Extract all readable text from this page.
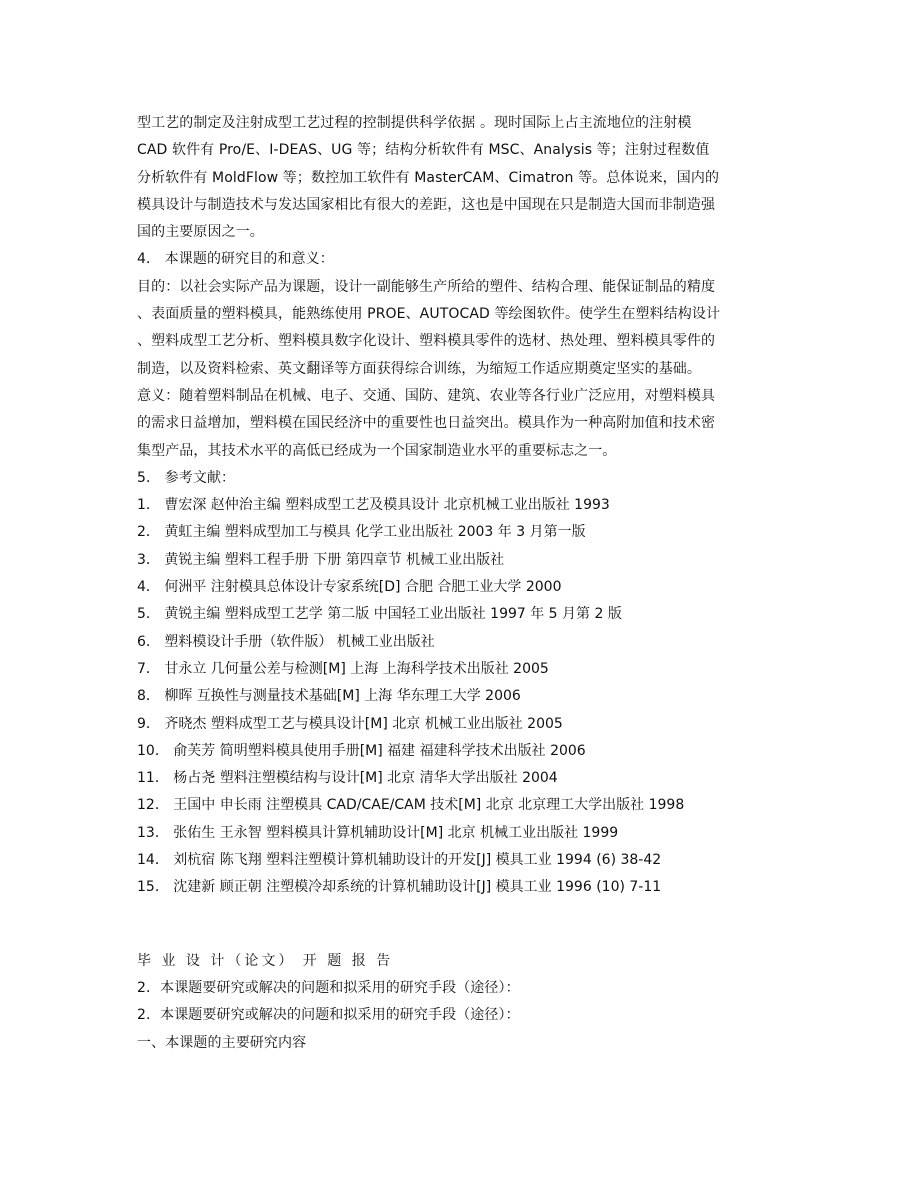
型工艺的制定及注射成型工艺过程的控制提供科学依据 。现时国际上占主流地位的注射模
CAD 软件有 Pro/E、I-DEAS、UG 等；结构分析软件有 MSC、Analysis 等；注射过程数值
分析软件有 MoldFlow 等；数控加工软件有 MasterCAM、Cimatron 等。总体说来，国内的
模具设计与制造技术与发达国家相比有很大的差距，这也是中国现在只是制造大国而非制造强
国的主要原因之一。
4． 本课题的研究目的和意义：
目的：以社会实际产品为课题，设计一副能够生产所给的塑件、结构合理、能保证制品的精度
、表面质量的塑料模具，能熟练使用 PROE、AUTOCAD 等绘图软件。使学生在塑料结构设计
、塑料成型工艺分析、塑料模具数字化设计、塑料模具零件的选材、热处理、塑料模具零件的
制造，以及资料检索、英文翻译等方面获得综合训练，为缩短工作适应期奠定坚实的基础。
意义：随着塑料制品在机械、电子、交通、国防、建筑、农业等各行业广泛应用，对塑料模具
的需求日益增加，塑料模在国民经济中的重要性也日益突出。模具作为一种高附加值和技术密
集型产品，其技术水平的高低已经成为一个国家制造业水平的重要标志之一。
5． 参考文献：
1． 曹宏深 赵仲治主编 塑料成型工艺及模具设计 北京机械工业出版社 1993
2． 黄虹主编 塑料成型加工与模具 化学工业出版社 2003 年 3 月第一版
3． 黄锐主编 塑料工程手册 下册 第四章节 机械工业出版社
4． 何洲平 注射模具总体设计专家系统[D] 合肥 合肥工业大学 2000
5． 黄锐主编 塑料成型工艺学 第二版 中国轻工业出版社 1997 年 5 月第 2 版
6． 塑料模设计手册（软件版） 机械工业出版社
7． 甘永立 几何量公差与检测[M] 上海 上海科学技术出版社 2005
8． 柳晖 互换性与测量技术基础[M] 上海 华东理工大学 2006
9． 齐晓杰 塑料成型工艺与模具设计[M] 北京 机械工业出版社 2005
10． 俞芙芳 简明塑料模具使用手册[M] 福建 福建科学技术出版社 2006
11． 杨占尧 塑料注塑模结构与设计[M] 北京 清华大学出版社 2004
12． 王国中 申长雨 注塑模具 CAD/CAE/CAM 技术[M] 北京 北京理工大学出版社 1998
13． 张佑生 王永智 塑料模具计算机辅助设计[M] 北京 机械工业出版社 1999
14． 刘杭宿 陈飞翔 塑料注塑模计算机辅助设计的开发[J] 模具工业 1994 (6) 38-42
15． 沈建新 顾正朝 注塑模冷却系统的计算机辅助设计[J] 模具工业 1996 (10) 7-11
毕 业 设 计（论文） 开 题 报 告
2．本课题要研究或解决的问题和拟采用的研究手段（途径）：
2．本课题要研究或解决的问题和拟采用的研究手段（途径）：
一、本课题的主要研究内容
